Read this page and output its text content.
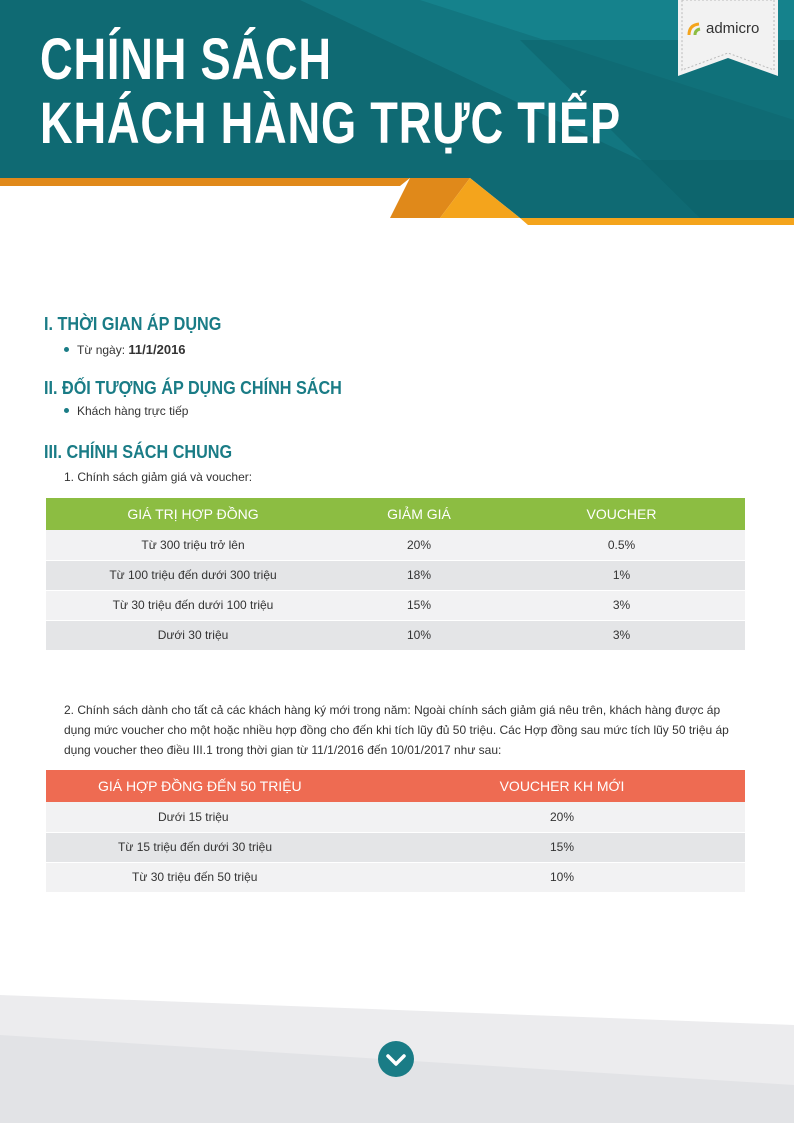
admicro
CHÍNH SÁCH
KHÁCH HÀNG TRỰC TIẾP
I. THỜI GIAN ÁP DỤNG
Từ ngày: 11/1/2016
II. ĐỐI TƯỢNG ÁP DỤNG CHÍNH SÁCH
Khách hàng trực tiếp
III. CHÍNH SÁCH CHUNG
1. Chính sách giảm giá và voucher:
GIÁ TRỊ HỢP ĐỒNG	GIẢM GIÁ	VOUCHER
Từ 300 triệu trở lên	20%	0.5%
Từ 100 triệu đến dưới 300 triệu	18%	1%
Từ 30 triệu đến dưới 100 triệu	15%	3%
Dưới 30 triệu	10%	3%
2. Chính sách dành cho tất cả các khách hàng ký mới trong năm: Ngoài chính sách giảm giá nêu trên, khách hàng được áp dụng mức voucher cho một hoặc nhiều hợp đồng cho đến khi tích lũy đủ 50 triệu. Các Hợp đồng sau mức tích lũy 50 triệu áp dụng voucher theo điều III.1 trong thời gian từ 11/1/2016 đến 10/01/2017 như sau:
GIÁ HỢP ĐỒNG ĐẾN 50 TRIỆU	VOUCHER KH MỚI
Dưới 15 triệu	20%
Từ 15 triệu đến dưới 30 triệu	15%
Từ 30 triệu đến 50 triệu	10%
